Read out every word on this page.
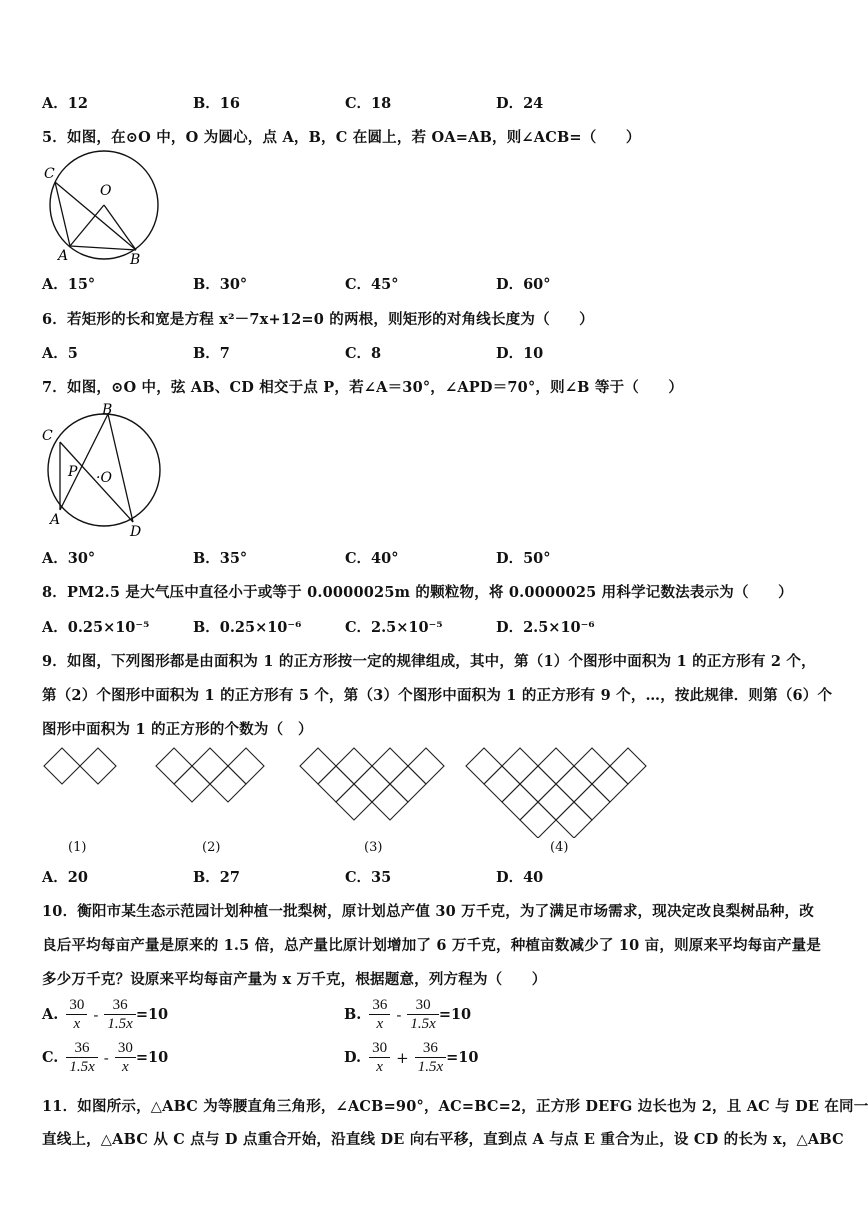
A．12	B．16	C．18	D．24
5．如图，在⊙O 中，O 为圆心，点 A，B，C 在圆上，若 OA=AB，则∠ACB=（　　）
C
O
A	B
A．15°	B．30°	C．45°	D．60°
6．若矩形的长和宽是方程 x²－7x+12=0 的两根，则矩形的对角线长度为（　　）
A．5	B．7	C．8	D．10
7．如图，⊙O 中，弦 AB、CD 相交于点 P，若∠A＝30°，∠APD＝70°，则∠B 等于（　　）
B
C
P ·O
A
D
A．30°	B．35°	C．40°	D．50°
8．PM2.5 是大气压中直径小于或等于 0.0000025m 的颗粒物，将 0.0000025 用科学记数法表示为（　　）
A．0.25×10⁻⁵	B．0.25×10⁻⁶	C．2.5×10⁻⁵	D．2.5×10⁻⁶
9．如图，下列图形都是由面积为 1 的正方形按一定的规律组成，其中，第（1）个图形中面积为 1 的正方形有 2 个，
第（2）个图形中面积为 1 的正方形有 5 个，第（3）个图形中面积为 1 的正方形有 9 个，…，按此规律．则第（6）个
图形中面积为 1 的正方形的个数为（　）
(1)	(2)	(3)	(4)
A．20	B．27	C．35	D．40
10．衡阳市某生态示范园计划种植一批梨树，原计划总产值 30 万千克，为了满足市场需求，现决定改良梨树品种，改
良后平均每亩产量是原来的 1.5 倍，总产量比原计划增加了 6 万千克，种植亩数减少了 10 亩，则原来平均每亩产量是
多少万千克？设原来平均每亩产量为 x 万千克，根据题意，列方程为（　　）
A. $\frac{30}{x} - \frac{36}{1.5x} =10$	B. $\frac{36}{x} - \frac{30}{1.5x} =10$
C. $\frac{36}{1.5x} - \frac{30}{x} =10$	D. $\frac{30}{x} + \frac{36}{1.5x} =10$
11．如图所示，△ABC 为等腰直角三角形，∠ACB=90°，AC=BC=2，正方形 DEFG 边长也为 2，且 AC 与 DE 在同一
直线上，△ABC 从 C 点与 D 点重合开始，沿直线 DE 向右平移，直到点 A 与点 E 重合为止，设 CD 的长为 x，△ABC
